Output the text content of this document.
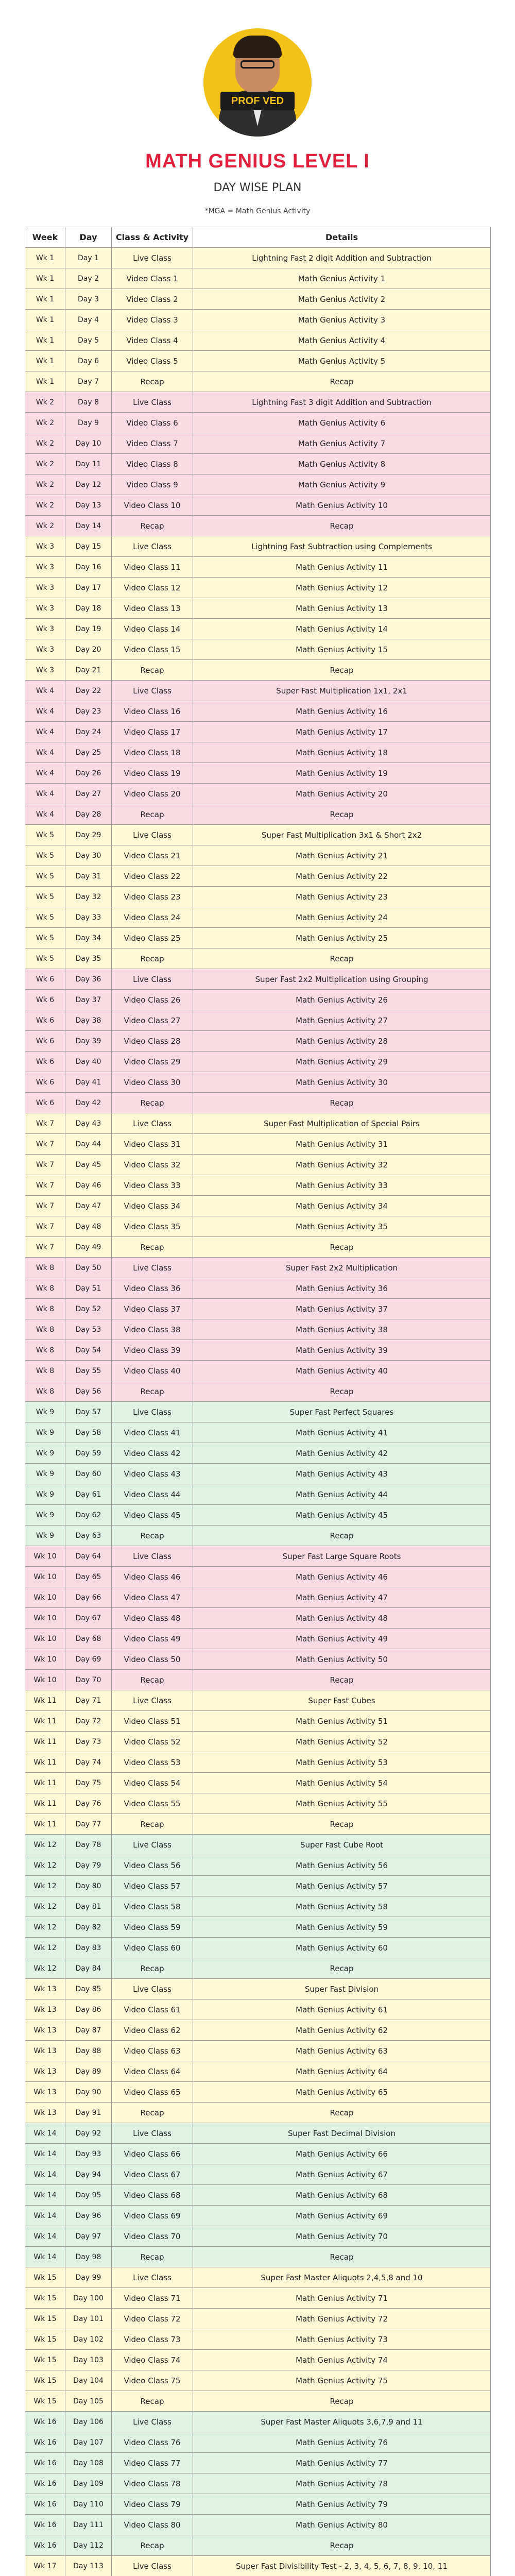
PROF VED
MATH GENIUS LEVEL I
DAY WISE PLAN
*MGA = Math Genius Activity
Week	Day	Class & Activity	Details
Wk 1	Day 1	Live Class	Lightning Fast 2 digit Addition and Subtraction
Wk 1	Day 2	Video Class 1	Math Genius Activity 1
Wk 1	Day 3	Video Class 2	Math Genius Activity 2
Wk 1	Day 4	Video Class 3	Math Genius Activity 3
Wk 1	Day 5	Video Class 4	Math Genius Activity 4
Wk 1	Day 6	Video Class 5	Math Genius Activity 5
Wk 1	Day 7	Recap	Recap
Wk 2	Day 8	Live Class	Lightning Fast 3 digit Addition and Subtraction
Wk 2	Day 9	Video Class 6	Math Genius Activity 6
Wk 2	Day 10	Video Class 7	Math Genius Activity 7
Wk 2	Day 11	Video Class 8	Math Genius Activity 8
Wk 2	Day 12	Video Class 9	Math Genius Activity 9
Wk 2	Day 13	Video Class 10	Math Genius Activity 10
Wk 2	Day 14	Recap	Recap
Wk 3	Day 15	Live Class	Lightning Fast Subtraction using Complements
Wk 3	Day 16	Video Class 11	Math Genius Activity 11
Wk 3	Day 17	Video Class 12	Math Genius Activity 12
Wk 3	Day 18	Video Class 13	Math Genius Activity 13
Wk 3	Day 19	Video Class 14	Math Genius Activity 14
Wk 3	Day 20	Video Class 15	Math Genius Activity 15
Wk 3	Day 21	Recap	Recap
Wk 4	Day 22	Live Class	Super Fast Multiplication 1x1, 2x1
Wk 4	Day 23	Video Class 16	Math Genius Activity 16
Wk 4	Day 24	Video Class 17	Math Genius Activity 17
Wk 4	Day 25	Video Class 18	Math Genius Activity 18
Wk 4	Day 26	Video Class 19	Math Genius Activity 19
Wk 4	Day 27	Video Class 20	Math Genius Activity 20
Wk 4	Day 28	Recap	Recap
Wk 5	Day 29	Live Class	Super Fast Multiplication 3x1 & Short 2x2
Wk 5	Day 30	Video Class 21	Math Genius Activity 21
Wk 5	Day 31	Video Class 22	Math Genius Activity 22
Wk 5	Day 32	Video Class 23	Math Genius Activity 23
Wk 5	Day 33	Video Class 24	Math Genius Activity 24
Wk 5	Day 34	Video Class 25	Math Genius Activity 25
Wk 5	Day 35	Recap	Recap
Wk 6	Day 36	Live Class	Super Fast 2x2 Multiplication using Grouping
Wk 6	Day 37	Video Class 26	Math Genius Activity 26
Wk 6	Day 38	Video Class 27	Math Genius Activity 27
Wk 6	Day 39	Video Class 28	Math Genius Activity 28
Wk 6	Day 40	Video Class 29	Math Genius Activity 29
Wk 6	Day 41	Video Class 30	Math Genius Activity 30
Wk 6	Day 42	Recap	Recap
Wk 7	Day 43	Live Class	Super Fast Multiplication of Special Pairs
Wk 7	Day 44	Video Class 31	Math Genius Activity 31
Wk 7	Day 45	Video Class 32	Math Genius Activity 32
Wk 7	Day 46	Video Class 33	Math Genius Activity 33
Wk 7	Day 47	Video Class 34	Math Genius Activity 34
Wk 7	Day 48	Video Class 35	Math Genius Activity 35
Wk 7	Day 49	Recap	Recap
Wk 8	Day 50	Live Class	Super Fast 2x2 Multiplication
Wk 8	Day 51	Video Class 36	Math Genius Activity 36
Wk 8	Day 52	Video Class 37	Math Genius Activity 37
Wk 8	Day 53	Video Class 38	Math Genius Activity 38
Wk 8	Day 54	Video Class 39	Math Genius Activity 39
Wk 8	Day 55	Video Class 40	Math Genius Activity 40
Wk 8	Day 56	Recap	Recap
Wk 9	Day 57	Live Class	Super Fast Perfect Squares
Wk 9	Day 58	Video Class 41	Math Genius Activity 41
Wk 9	Day 59	Video Class 42	Math Genius Activity 42
Wk 9	Day 60	Video Class 43	Math Genius Activity 43
Wk 9	Day 61	Video Class 44	Math Genius Activity 44
Wk 9	Day 62	Video Class 45	Math Genius Activity 45
Wk 9	Day 63	Recap	Recap
Wk 10	Day 64	Live Class	Super Fast Large Square Roots
Wk 10	Day 65	Video Class 46	Math Genius Activity 46
Wk 10	Day 66	Video Class 47	Math Genius Activity 47
Wk 10	Day 67	Video Class 48	Math Genius Activity 48
Wk 10	Day 68	Video Class 49	Math Genius Activity 49
Wk 10	Day 69	Video Class 50	Math Genius Activity 50
Wk 10	Day 70	Recap	Recap
Wk 11	Day 71	Live Class	Super Fast Cubes
Wk 11	Day 72	Video Class 51	Math Genius Activity 51
Wk 11	Day 73	Video Class 52	Math Genius Activity 52
Wk 11	Day 74	Video Class 53	Math Genius Activity 53
Wk 11	Day 75	Video Class 54	Math Genius Activity 54
Wk 11	Day 76	Video Class 55	Math Genius Activity 55
Wk 11	Day 77	Recap	Recap
Wk 12	Day 78	Live Class	Super Fast Cube Root
Wk 12	Day 79	Video Class 56	Math Genius Activity 56
Wk 12	Day 80	Video Class 57	Math Genius Activity 57
Wk 12	Day 81	Video Class 58	Math Genius Activity 58
Wk 12	Day 82	Video Class 59	Math Genius Activity 59
Wk 12	Day 83	Video Class 60	Math Genius Activity 60
Wk 12	Day 84	Recap	Recap
Wk 13	Day 85	Live Class	Super Fast Division
Wk 13	Day 86	Video Class 61	Math Genius Activity 61
Wk 13	Day 87	Video Class 62	Math Genius Activity 62
Wk 13	Day 88	Video Class 63	Math Genius Activity 63
Wk 13	Day 89	Video Class 64	Math Genius Activity 64
Wk 13	Day 90	Video Class 65	Math Genius Activity 65
Wk 13	Day 91	Recap	Recap
Wk 14	Day 92	Live Class	Super Fast Decimal Division
Wk 14	Day 93	Video Class 66	Math Genius Activity 66
Wk 14	Day 94	Video Class 67	Math Genius Activity 67
Wk 14	Day 95	Video Class 68	Math Genius Activity 68
Wk 14	Day 96	Video Class 69	Math Genius Activity 69
Wk 14	Day 97	Video Class 70	Math Genius Activity 70
Wk 14	Day 98	Recap	Recap
Wk 15	Day 99	Live Class	Super Fast Master Aliquots 2,4,5,8 and 10
Wk 15	Day 100	Video Class 71	Math Genius Activity 71
Wk 15	Day 101	Video Class 72	Math Genius Activity 72
Wk 15	Day 102	Video Class 73	Math Genius Activity 73
Wk 15	Day 103	Video Class 74	Math Genius Activity 74
Wk 15	Day 104	Video Class 75	Math Genius Activity 75
Wk 15	Day 105	Recap	Recap
Wk 16	Day 106	Live Class	Super Fast Master Aliquots 3,6,7,9 and 11
Wk 16	Day 107	Video Class 76	Math Genius Activity 76
Wk 16	Day 108	Video Class 77	Math Genius Activity 77
Wk 16	Day 109	Video Class 78	Math Genius Activity 78
Wk 16	Day 110	Video Class 79	Math Genius Activity 79
Wk 16	Day 111	Video Class 80	Math Genius Activity 80
Wk 16	Day 112	Recap	Recap
Wk 17	Day 113	Live Class	Super Fast Divisibility Test - 2, 3, 4, 5, 6, 7, 8, 9, 10, 11
